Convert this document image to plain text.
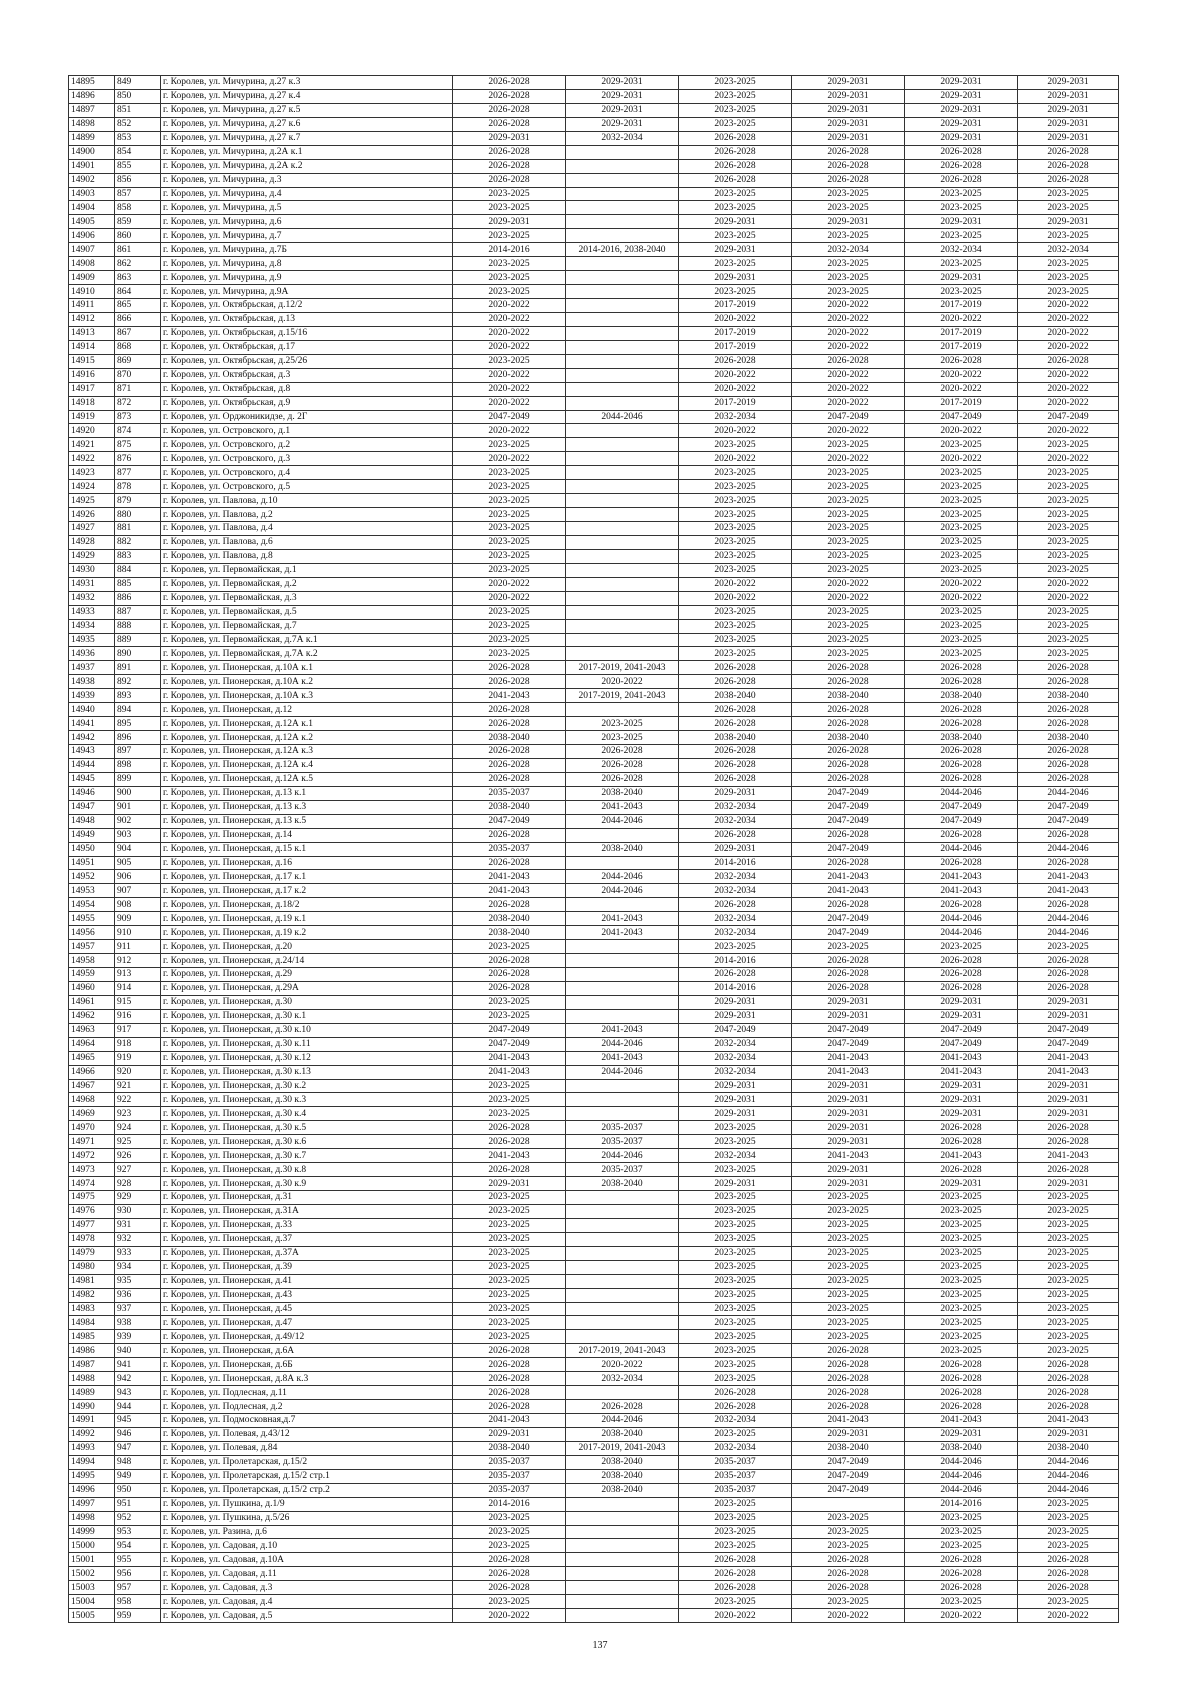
14895	849	г. Королев, ул. Мичурина, д.27 к.3	2026-2028	2029-2031	2023-2025	2029-2031	2029-2031	2029-2031
14896	850	г. Королев, ул. Мичурина, д.27 к.4	2026-2028	2029-2031	2023-2025	2029-2031	2029-2031	2029-2031
14897	851	г. Королев, ул. Мичурина, д.27 к.5	2026-2028	2029-2031	2023-2025	2029-2031	2029-2031	2029-2031
14898	852	г. Королев, ул. Мичурина, д.27 к.6	2026-2028	2029-2031	2023-2025	2029-2031	2029-2031	2029-2031
14899	853	г. Королев, ул. Мичурина, д.27 к.7	2029-2031	2032-2034	2026-2028	2029-2031	2029-2031	2029-2031
14900	854	г. Королев, ул. Мичурина, д.2А к.1	2026-2028		2026-2028	2026-2028	2026-2028	2026-2028
14901	855	г. Королев, ул. Мичурина, д.2А к.2	2026-2028		2026-2028	2026-2028	2026-2028	2026-2028
14902	856	г. Королев, ул. Мичурина, д.3	2026-2028		2026-2028	2026-2028	2026-2028	2026-2028
14903	857	г. Королев, ул. Мичурина, д.4	2023-2025		2023-2025	2023-2025	2023-2025	2023-2025
14904	858	г. Королев, ул. Мичурина, д.5	2023-2025		2023-2025	2023-2025	2023-2025	2023-2025
14905	859	г. Королев, ул. Мичурина, д.6	2029-2031		2029-2031	2029-2031	2029-2031	2029-2031
14906	860	г. Королев, ул. Мичурина, д.7	2023-2025		2023-2025	2023-2025	2023-2025	2023-2025
14907	861	г. Королев, ул. Мичурина, д.7Б	2014-2016	2014-2016, 2038-2040	2029-2031	2032-2034	2032-2034	2032-2034
14908	862	г. Королев, ул. Мичурина, д.8	2023-2025		2023-2025	2023-2025	2023-2025	2023-2025
14909	863	г. Королев, ул. Мичурина, д.9	2023-2025		2029-2031	2023-2025	2029-2031	2023-2025
14910	864	г. Королев, ул. Мичурина, д.9А	2023-2025		2023-2025	2023-2025	2023-2025	2023-2025
14911	865	г. Королев, ул. Октябрьская, д.12/2	2020-2022		2017-2019	2020-2022	2017-2019	2020-2022
14912	866	г. Королев, ул. Октябрьская, д.13	2020-2022		2020-2022	2020-2022	2020-2022	2020-2022
14913	867	г. Королев, ул. Октябрьская, д.15/16	2020-2022		2017-2019	2020-2022	2017-2019	2020-2022
14914	868	г. Королев, ул. Октябрьская, д.17	2020-2022		2017-2019	2020-2022	2017-2019	2020-2022
14915	869	г. Королев, ул. Октябрьская, д.25/26	2023-2025		2026-2028	2026-2028	2026-2028	2026-2028
14916	870	г. Королев, ул. Октябрьская, д.3	2020-2022		2020-2022	2020-2022	2020-2022	2020-2022
14917	871	г. Королев, ул. Октябрьская, д.8	2020-2022		2020-2022	2020-2022	2020-2022	2020-2022
14918	872	г. Королев, ул. Октябрьская, д.9	2020-2022		2017-2019	2020-2022	2017-2019	2020-2022
14919	873	г. Королев, ул. Орджоникидзе, д. 2Г	2047-2049	2044-2046	2032-2034	2047-2049	2047-2049	2047-2049
14920	874	г. Королев, ул. Островского, д.1	2020-2022		2020-2022	2020-2022	2020-2022	2020-2022
14921	875	г. Королев, ул. Островского, д.2	2023-2025		2023-2025	2023-2025	2023-2025	2023-2025
14922	876	г. Королев, ул. Островского, д.3	2020-2022		2020-2022	2020-2022	2020-2022	2020-2022
14923	877	г. Королев, ул. Островского, д.4	2023-2025		2023-2025	2023-2025	2023-2025	2023-2025
14924	878	г. Королев, ул. Островского, д.5	2023-2025		2023-2025	2023-2025	2023-2025	2023-2025
14925	879	г. Королев, ул. Павлова, д.10	2023-2025		2023-2025	2023-2025	2023-2025	2023-2025
14926	880	г. Королев, ул. Павлова, д.2	2023-2025		2023-2025	2023-2025	2023-2025	2023-2025
14927	881	г. Королев, ул. Павлова, д.4	2023-2025		2023-2025	2023-2025	2023-2025	2023-2025
14928	882	г. Королев, ул. Павлова, д.6	2023-2025		2023-2025	2023-2025	2023-2025	2023-2025
14929	883	г. Королев, ул. Павлова, д.8	2023-2025		2023-2025	2023-2025	2023-2025	2023-2025
14930	884	г. Королев, ул. Первомайская, д.1	2023-2025		2023-2025	2023-2025	2023-2025	2023-2025
14931	885	г. Королев, ул. Первомайская, д.2	2020-2022		2020-2022	2020-2022	2020-2022	2020-2022
14932	886	г. Королев, ул. Первомайская, д.3	2020-2022		2020-2022	2020-2022	2020-2022	2020-2022
14933	887	г. Королев, ул. Первомайская, д.5	2023-2025		2023-2025	2023-2025	2023-2025	2023-2025
14934	888	г. Королев, ул. Первомайская, д.7	2023-2025		2023-2025	2023-2025	2023-2025	2023-2025
14935	889	г. Королев, ул. Первомайская, д.7А к.1	2023-2025		2023-2025	2023-2025	2023-2025	2023-2025
14936	890	г. Королев, ул. Первомайская, д.7А к.2	2023-2025		2023-2025	2023-2025	2023-2025	2023-2025
14937	891	г. Королев, ул. Пионерская, д.10А к.1	2026-2028	2017-2019, 2041-2043	2026-2028	2026-2028	2026-2028	2026-2028
14938	892	г. Королев, ул. Пионерская, д.10А к.2	2026-2028	2020-2022	2026-2028	2026-2028	2026-2028	2026-2028
14939	893	г. Королев, ул. Пионерская, д.10А к.3	2041-2043	2017-2019, 2041-2043	2038-2040	2038-2040	2038-2040	2038-2040
14940	894	г. Королев, ул. Пионерская, д.12	2026-2028		2026-2028	2026-2028	2026-2028	2026-2028
14941	895	г. Королев, ул. Пионерская, д.12А к.1	2026-2028	2023-2025	2026-2028	2026-2028	2026-2028	2026-2028
14942	896	г. Королев, ул. Пионерская, д.12А к.2	2038-2040	2023-2025	2038-2040	2038-2040	2038-2040	2038-2040
14943	897	г. Королев, ул. Пионерская, д.12А к.3	2026-2028	2026-2028	2026-2028	2026-2028	2026-2028	2026-2028
14944	898	г. Королев, ул. Пионерская, д.12А к.4	2026-2028	2026-2028	2026-2028	2026-2028	2026-2028	2026-2028
14945	899	г. Королев, ул. Пионерская, д.12А к.5	2026-2028	2026-2028	2026-2028	2026-2028	2026-2028	2026-2028
14946	900	г. Королев, ул. Пионерская, д.13 к.1	2035-2037	2038-2040	2029-2031	2047-2049	2044-2046	2044-2046
14947	901	г. Королев, ул. Пионерская, д.13 к.3	2038-2040	2041-2043	2032-2034	2047-2049	2047-2049	2047-2049
14948	902	г. Королев, ул. Пионерская, д.13 к.5	2047-2049	2044-2046	2032-2034	2047-2049	2047-2049	2047-2049
14949	903	г. Королев, ул. Пионерская, д.14	2026-2028		2026-2028	2026-2028	2026-2028	2026-2028
14950	904	г. Королев, ул. Пионерская, д.15 к.1	2035-2037	2038-2040	2029-2031	2047-2049	2044-2046	2044-2046
14951	905	г. Королев, ул. Пионерская, д.16	2026-2028		2014-2016	2026-2028	2026-2028	2026-2028
14952	906	г. Королев, ул. Пионерская, д.17 к.1	2041-2043	2044-2046	2032-2034	2041-2043	2041-2043	2041-2043
14953	907	г. Королев, ул. Пионерская, д.17 к.2	2041-2043	2044-2046	2032-2034	2041-2043	2041-2043	2041-2043
14954	908	г. Королев, ул. Пионерская, д.18/2	2026-2028		2026-2028	2026-2028	2026-2028	2026-2028
14955	909	г. Королев, ул. Пионерская, д.19 к.1	2038-2040	2041-2043	2032-2034	2047-2049	2044-2046	2044-2046
14956	910	г. Королев, ул. Пионерская, д.19 к.2	2038-2040	2041-2043	2032-2034	2047-2049	2044-2046	2044-2046
14957	911	г. Королев, ул. Пионерская, д.20	2023-2025		2023-2025	2023-2025	2023-2025	2023-2025
14958	912	г. Королев, ул. Пионерская, д.24/14	2026-2028		2014-2016	2026-2028	2026-2028	2026-2028
14959	913	г. Королев, ул. Пионерская, д.29	2026-2028		2026-2028	2026-2028	2026-2028	2026-2028
14960	914	г. Королев, ул. Пионерская, д.29А	2026-2028		2014-2016	2026-2028	2026-2028	2026-2028
14961	915	г. Королев, ул. Пионерская, д.30	2023-2025		2029-2031	2029-2031	2029-2031	2029-2031
14962	916	г. Королев, ул. Пионерская, д.30 к.1	2023-2025		2029-2031	2029-2031	2029-2031	2029-2031
14963	917	г. Королев, ул. Пионерская, д.30 к.10	2047-2049	2041-2043	2047-2049	2047-2049	2047-2049	2047-2049
14964	918	г. Королев, ул. Пионерская, д.30 к.11	2047-2049	2044-2046	2032-2034	2047-2049	2047-2049	2047-2049
14965	919	г. Королев, ул. Пионерская, д.30 к.12	2041-2043	2041-2043	2032-2034	2041-2043	2041-2043	2041-2043
14966	920	г. Королев, ул. Пионерская, д.30 к.13	2041-2043	2044-2046	2032-2034	2041-2043	2041-2043	2041-2043
14967	921	г. Королев, ул. Пионерская, д.30 к.2	2023-2025		2029-2031	2029-2031	2029-2031	2029-2031
14968	922	г. Королев, ул. Пионерская, д.30 к.3	2023-2025		2029-2031	2029-2031	2029-2031	2029-2031
14969	923	г. Королев, ул. Пионерская, д.30 к.4	2023-2025		2029-2031	2029-2031	2029-2031	2029-2031
14970	924	г. Королев, ул. Пионерская, д.30 к.5	2026-2028	2035-2037	2023-2025	2029-2031	2026-2028	2026-2028
14971	925	г. Королев, ул. Пионерская, д.30 к.6	2026-2028	2035-2037	2023-2025	2029-2031	2026-2028	2026-2028
14972	926	г. Королев, ул. Пионерская, д.30 к.7	2041-2043	2044-2046	2032-2034	2041-2043	2041-2043	2041-2043
14973	927	г. Королев, ул. Пионерская, д.30 к.8	2026-2028	2035-2037	2023-2025	2029-2031	2026-2028	2026-2028
14974	928	г. Королев, ул. Пионерская, д.30 к.9	2029-2031	2038-2040	2029-2031	2029-2031	2029-2031	2029-2031
14975	929	г. Королев, ул. Пионерская, д.31	2023-2025		2023-2025	2023-2025	2023-2025	2023-2025
14976	930	г. Королев, ул. Пионерская, д.31А	2023-2025		2023-2025	2023-2025	2023-2025	2023-2025
14977	931	г. Королев, ул. Пионерская, д.33	2023-2025		2023-2025	2023-2025	2023-2025	2023-2025
14978	932	г. Королев, ул. Пионерская, д.37	2023-2025		2023-2025	2023-2025	2023-2025	2023-2025
14979	933	г. Королев, ул. Пионерская, д.37А	2023-2025		2023-2025	2023-2025	2023-2025	2023-2025
14980	934	г. Королев, ул. Пионерская, д.39	2023-2025		2023-2025	2023-2025	2023-2025	2023-2025
14981	935	г. Королев, ул. Пионерская, д.41	2023-2025		2023-2025	2023-2025	2023-2025	2023-2025
14982	936	г. Королев, ул. Пионерская, д.43	2023-2025		2023-2025	2023-2025	2023-2025	2023-2025
14983	937	г. Королев, ул. Пионерская, д.45	2023-2025		2023-2025	2023-2025	2023-2025	2023-2025
14984	938	г. Королев, ул. Пионерская, д.47	2023-2025		2023-2025	2023-2025	2023-2025	2023-2025
14985	939	г. Королев, ул. Пионерская, д.49/12	2023-2025		2023-2025	2023-2025	2023-2025	2023-2025
14986	940	г. Королев, ул. Пионерская, д.6А	2026-2028	2017-2019, 2041-2043	2023-2025	2026-2028	2023-2025	2023-2025
14987	941	г. Королев, ул. Пионерская, д.6Б	2026-2028	2020-2022	2023-2025	2026-2028	2026-2028	2026-2028
14988	942	г. Королев, ул. Пионерская, д.8А к.3	2026-2028	2032-2034	2023-2025	2026-2028	2026-2028	2026-2028
14989	943	г. Королев, ул. Подлесная, д.11	2026-2028		2026-2028	2026-2028	2026-2028	2026-2028
14990	944	г. Королев, ул. Подлесная, д.2	2026-2028	2026-2028	2026-2028	2026-2028	2026-2028	2026-2028
14991	945	г. Королев, ул. Подмосковная,д.7	2041-2043	2044-2046	2032-2034	2041-2043	2041-2043	2041-2043
14992	946	г. Королев, ул. Полевая, д.43/12	2029-2031	2038-2040	2023-2025	2029-2031	2029-2031	2029-2031
14993	947	г. Королев, ул. Полевая, д.84	2038-2040	2017-2019, 2041-2043	2032-2034	2038-2040	2038-2040	2038-2040
14994	948	г. Королев, ул. Пролетарская, д.15/2	2035-2037	2038-2040	2035-2037	2047-2049	2044-2046	2044-2046
14995	949	г. Королев, ул. Пролетарская, д.15/2 стр.1	2035-2037	2038-2040	2035-2037	2047-2049	2044-2046	2044-2046
14996	950	г. Королев, ул. Пролетарская, д.15/2 стр.2	2035-2037	2038-2040	2035-2037	2047-2049	2044-2046	2044-2046
14997	951	г. Королев, ул. Пушкина, д.1/9	2014-2016		2023-2025		2014-2016	2023-2025
14998	952	г. Королев, ул. Пушкина, д.5/26	2023-2025		2023-2025	2023-2025	2023-2025	2023-2025
14999	953	г. Королев, ул. Разина, д.6	2023-2025		2023-2025	2023-2025	2023-2025	2023-2025
15000	954	г. Королев, ул. Садовая, д.10	2023-2025		2023-2025	2023-2025	2023-2025	2023-2025
15001	955	г. Королев, ул. Садовая, д.10А	2026-2028		2026-2028	2026-2028	2026-2028	2026-2028
15002	956	г. Королев, ул. Садовая, д.11	2026-2028		2026-2028	2026-2028	2026-2028	2026-2028
15003	957	г. Королев, ул. Садовая, д.3	2026-2028		2026-2028	2026-2028	2026-2028	2026-2028
15004	958	г. Королев, ул. Садовая, д.4	2023-2025		2023-2025	2023-2025	2023-2025	2023-2025
15005	959	г. Королев, ул. Садовая, д.5	2020-2022		2020-2022	2020-2022	2020-2022	2020-2022
137
